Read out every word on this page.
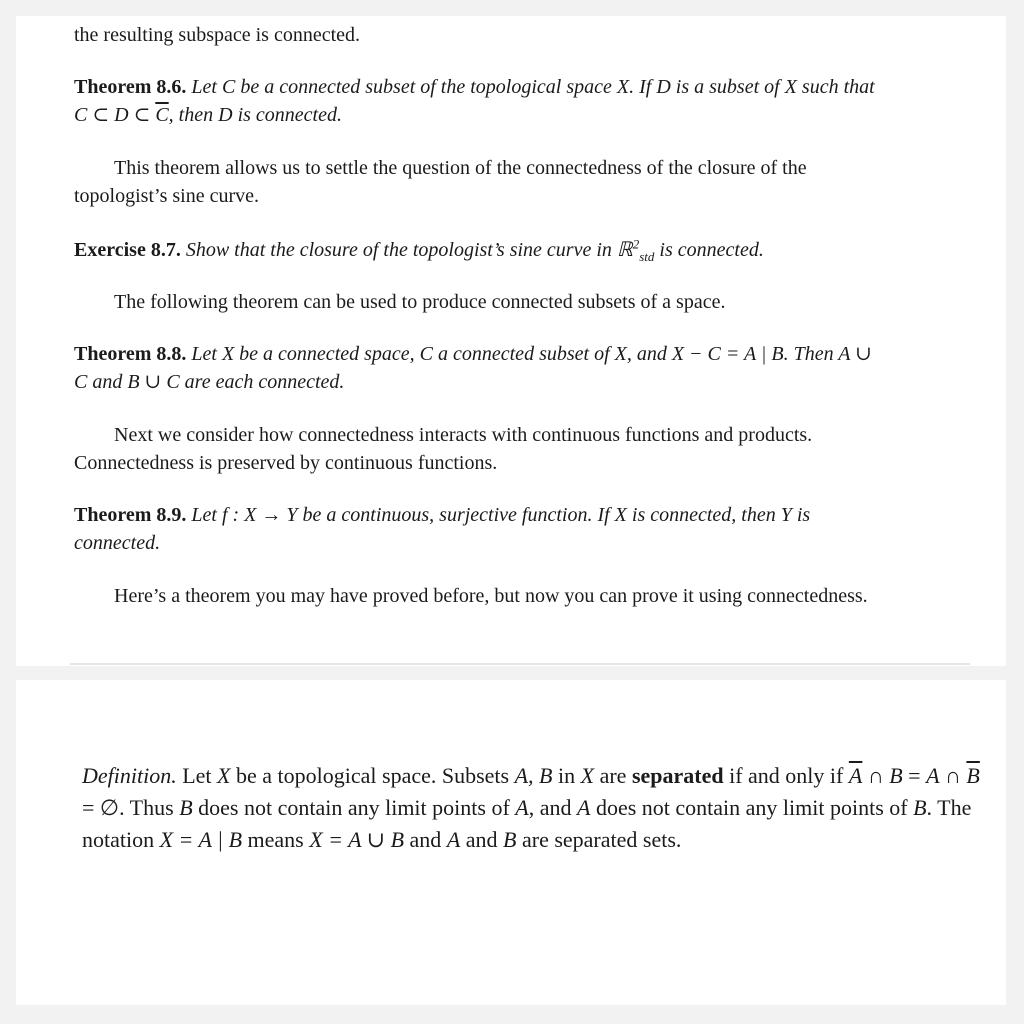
the resulting subspace is connected.

Theorem 8.6. Let C be a connected subset of the topological space X. If D is a subset of X such that C ⊂ D ⊂ $\overline{C}$, then D is connected.

This theorem allows us to settle the question of the connectedness of the closure of the topologist’s sine curve.

Exercise 8.7. Show that the closure of the topologist’s sine curve in ℝ$^2_{std}$ is connected.

The following theorem can be used to produce connected subsets of a space.

Theorem 8.8. Let X be a connected space, C a connected subset of X, and X − C = A | B. Then A ∪ C and B ∪ C are each connected.

Next we consider how connectedness interacts with continuous functions and products. Connectedness is preserved by continuous functions.

Theorem 8.9. Let f : X → Y be a continuous, surjective function. If X is connected, then Y is connected.

Here’s a theorem you may have proved before, but now you can prove it using connectedness.

Definition. Let X be a topological space. Subsets A, B in X are separated if and only if $\overline{A}$ ∩ B = A ∩ $\overline{B}$ = ∅. Thus B does not contain any limit points of A, and A does not contain any limit points of B. The notation X = A | B means X = A ∪ B and A and B are separated sets.
